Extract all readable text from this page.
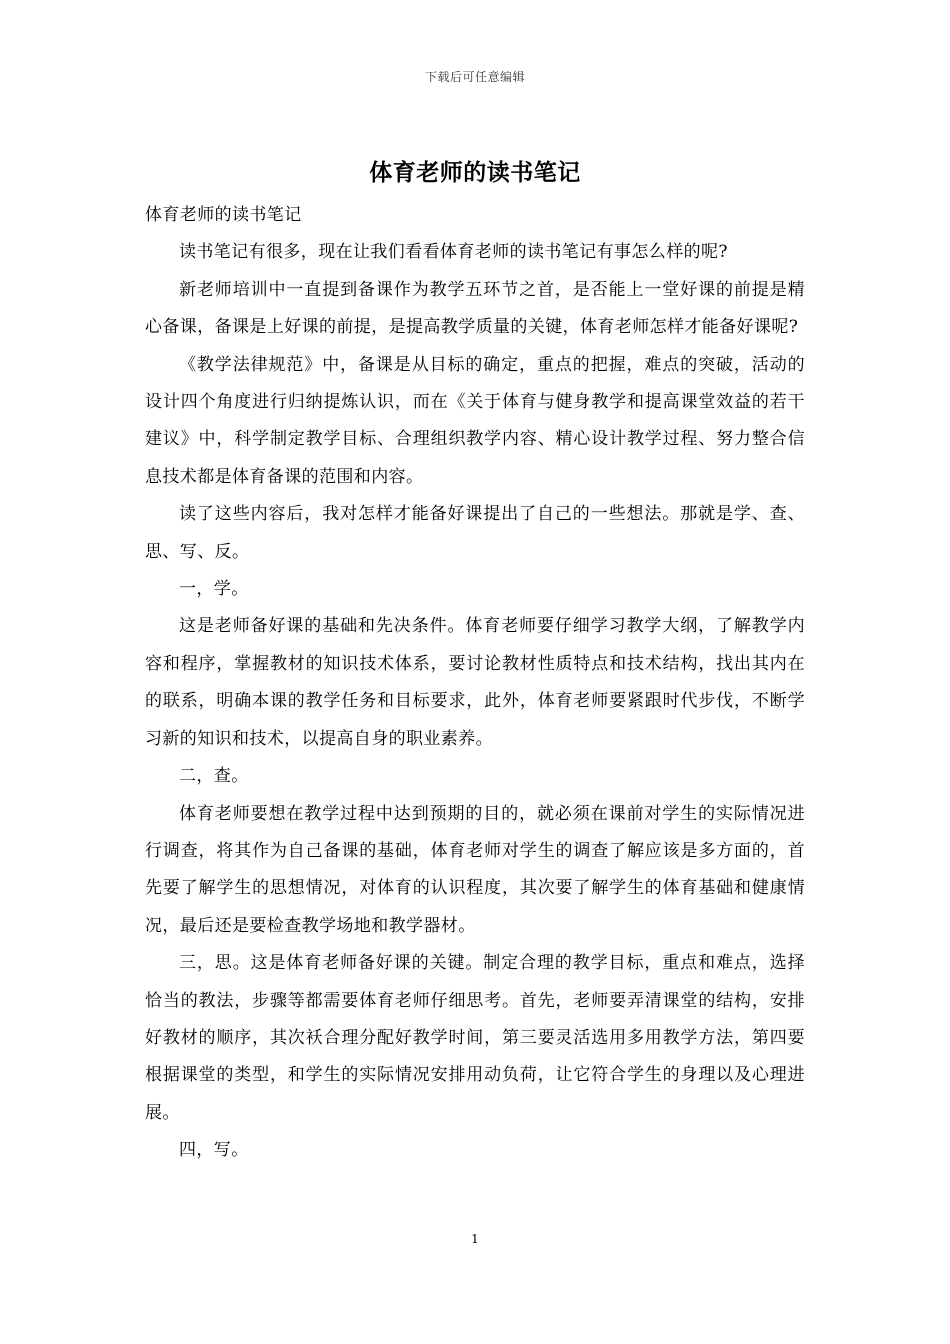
下载后可任意编辑
体育老师的读书笔记

体育老师的读书笔记

读书笔记有很多，现在让我们看看体育老师的读书笔记有事怎么样的呢?

新老师培训中一直提到备课作为教学五环节之首，是否能上一堂好课的前提是精心备课，备课是上好课的前提，是提高教学质量的关键，体育老师怎样才能备好课呢?

《教学法律规范》中，备课是从目标的确定，重点的把握，难点的突破，活动的设计四个角度进行归纳提炼认识，而在《关于体育与健身教学和提高课堂效益的若干建议》中，科学制定教学目标、合理组织教学内容、精心设计教学过程、努力整合信息技术都是体育备课的范围和内容。

读了这些内容后，我对怎样才能备好课提出了自己的一些想法。那就是学、查、思、写、反。

一，学。

这是老师备好课的基础和先决条件。体育老师要仔细学习教学大纲，了解教学内容和程序，掌握教材的知识技术体系，要讨论教材性质特点和技术结构，找出其内在的联系，明确本课的教学任务和目标要求，此外，体育老师要紧跟时代步伐，不断学习新的知识和技术，以提高自身的职业素养。

二，查。

体育老师要想在教学过程中达到预期的目的，就必须在课前对学生的实际情况进行调查，将其作为自己备课的基础，体育老师对学生的调查了解应该是多方面的，首先要了解学生的思想情况，对体育的认识程度，其次要了解学生的体育基础和健康情况，最后还是要检查教学场地和教学器材。

三，思。这是体育老师备好课的关键。制定合理的教学目标，重点和难点，选择恰当的教法，步骤等都需要体育老师仔细思考。首先，老师要弄清课堂的结构，安排好教材的顺序，其次袄合理分配好教学时间，第三要灵活选用多用教学方法，第四要根据课堂的类型，和学生的实际情况安排用动负荷，让它符合学生的身理以及心理进展。

四，写。

1
